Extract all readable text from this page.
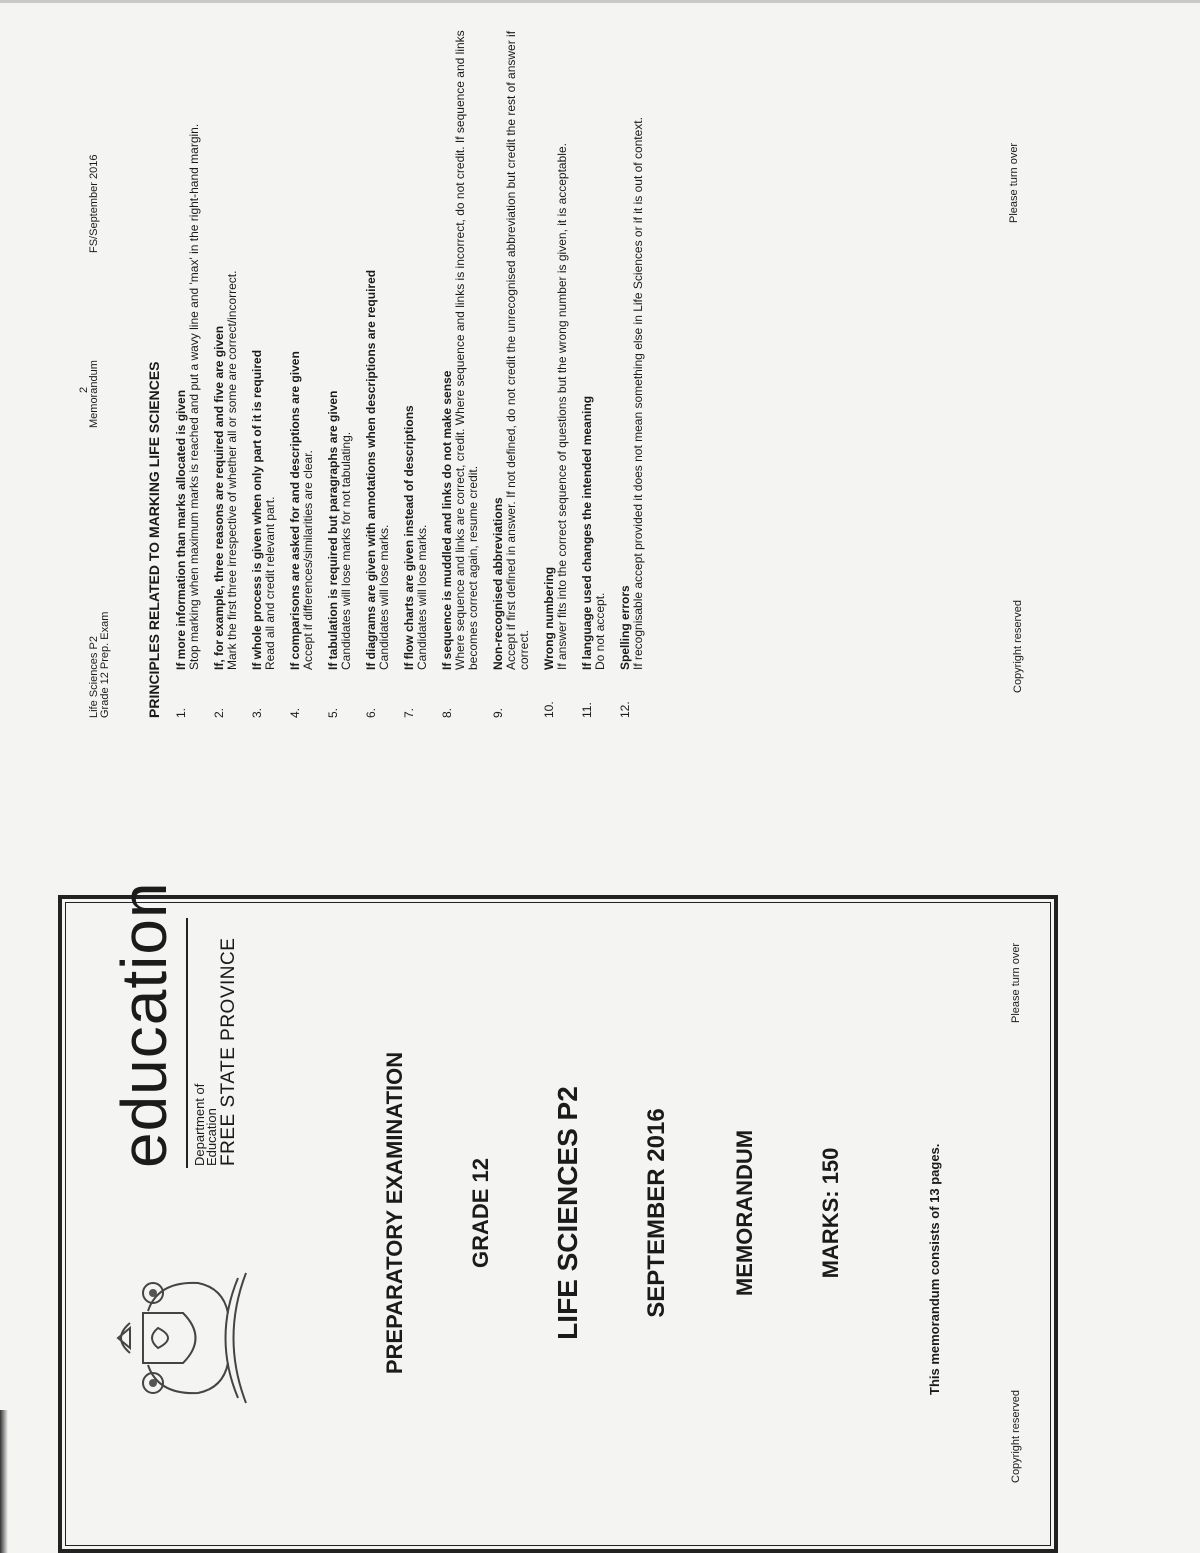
education Department of
Education FREE STATE PROVINCE
PREPARATORY EXAMINATION	GRADE 12 LIFE SCIENCES P2	SEPTEMBER 2016	MEMORANDUM	MARKS: 150	This memorandum consists of 13 pages.
Copyright reserved
Please turn over
Life Sciences P2 Grade 12 Prep. Exam
2
Memorandum
FS/September 2016
PRINCIPLES RELATED TO MARKING LIFE SCIENCES 1.
If more information than marks allocated is given Stop marking when maximum marks is reached and put a wavy line and 'max' in the right-hand margin.
2.
If, for example, three reasons are required and five are given Mark the first three irrespective of whether all or some are correct/incorrect.
3.
If whole process is given when only part of it is required Read all and credit relevant part.
4.
If comparisons are asked for and descriptions are given Accept if differences/similarities are clear.
5.
If tabulation is required but paragraphs are given Candidates will lose marks for not tabulating.
6.
If diagrams are given with annotations when descriptions are required Candidates will lose marks.
7.
If flow charts are given instead of descriptions Candidates will lose marks.
8.
If sequence is muddled and links do not make sense Where sequence and links are correct, credit. Where sequence and links is incorrect, do not credit. If sequence and links becomes correct again, resume credit.
9.
Non-recognised abbreviations Accept if first defined in answer. If not defined, do not credit the unrecognised abbreviation but credit the rest of answer if correct.
10.
Wrong numbering If answer fits into the correct sequence of questions but the wrong number is given, it is acceptable.
11.
If language used changes the intended meaning Do not accept.
12.
Spelling errors If recognisable accept provided it does not mean something else in Life Sciences or if it is out of context.	Copyright reserved
Please turn over
